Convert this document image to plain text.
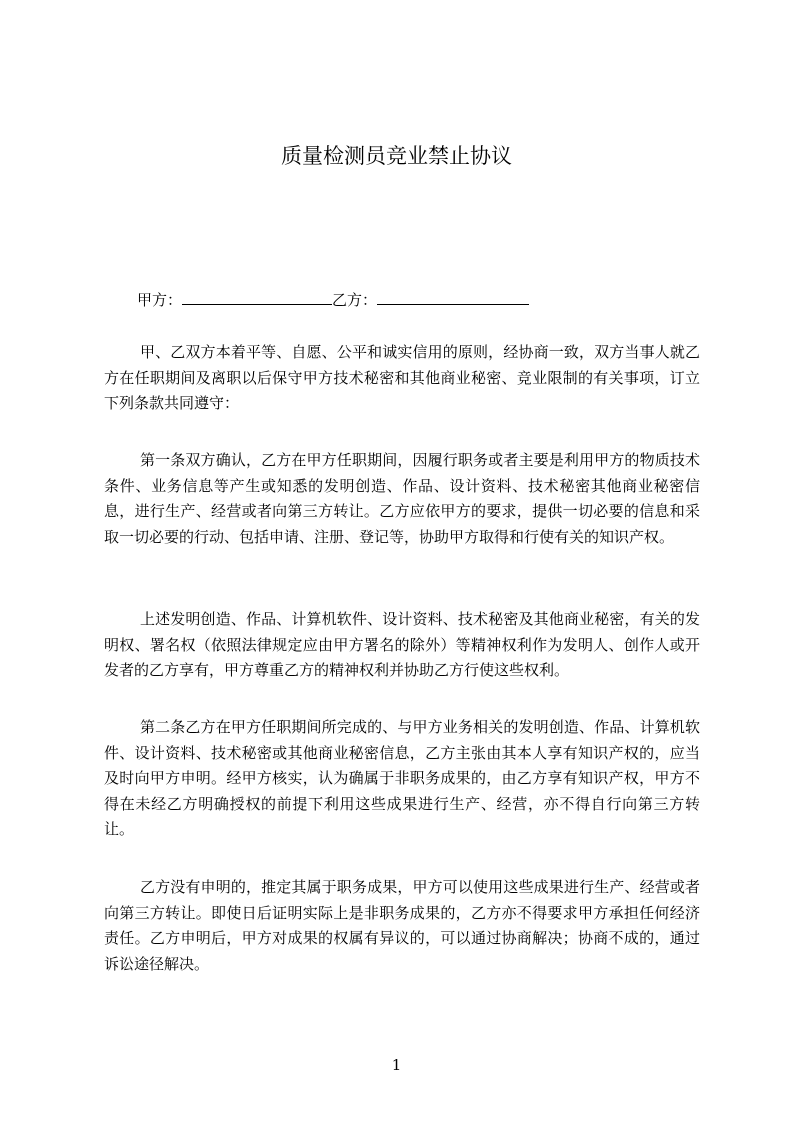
质量检测员竞业禁止协议
甲方：	乙方：

甲、乙双方本着平等、自愿、公平和诚实信用的原则，经协商一致，双方当事人就乙方在任职期间及离职以后保守甲方技术秘密和其他商业秘密、竞业限制的有关事项，订立下列条款共同遵守：

第一条双方确认，乙方在甲方任职期间，因履行职务或者主要是利用甲方的物质技术条件、业务信息等产生或知悉的发明创造、作品、设计资料、技术秘密其他商业秘密信息，进行生产、经营或者向第三方转让。乙方应依甲方的要求，提供一切必要的信息和采取一切必要的行动、包括申请、注册、登记等，协助甲方取得和行使有关的知识产权。

上述发明创造、作品、计算机软件、设计资料、技术秘密及其他商业秘密，有关的发明权、署名权（依照法律规定应由甲方署名的除外）等精神权利作为发明人、创作人或开发者的乙方享有，甲方尊重乙方的精神权利并协助乙方行使这些权利。

第二条乙方在甲方任职期间所完成的、与甲方业务相关的发明创造、作品、计算机软件、设计资料、技术秘密或其他商业秘密信息，乙方主张由其本人享有知识产权的，应当及时向甲方申明。经甲方核实，认为确属于非职务成果的，由乙方享有知识产权，甲方不得在未经乙方明确授权的前提下利用这些成果进行生产、经营，亦不得自行向第三方转让。

乙方没有申明的，推定其属于职务成果，甲方可以使用这些成果进行生产、经营或者向第三方转让。即使日后证明实际上是非职务成果的，乙方亦不得要求甲方承担任何经济责任。乙方申明后，甲方对成果的权属有异议的，可以通过协商解决；协商不成的，通过诉讼途径解决。

1
